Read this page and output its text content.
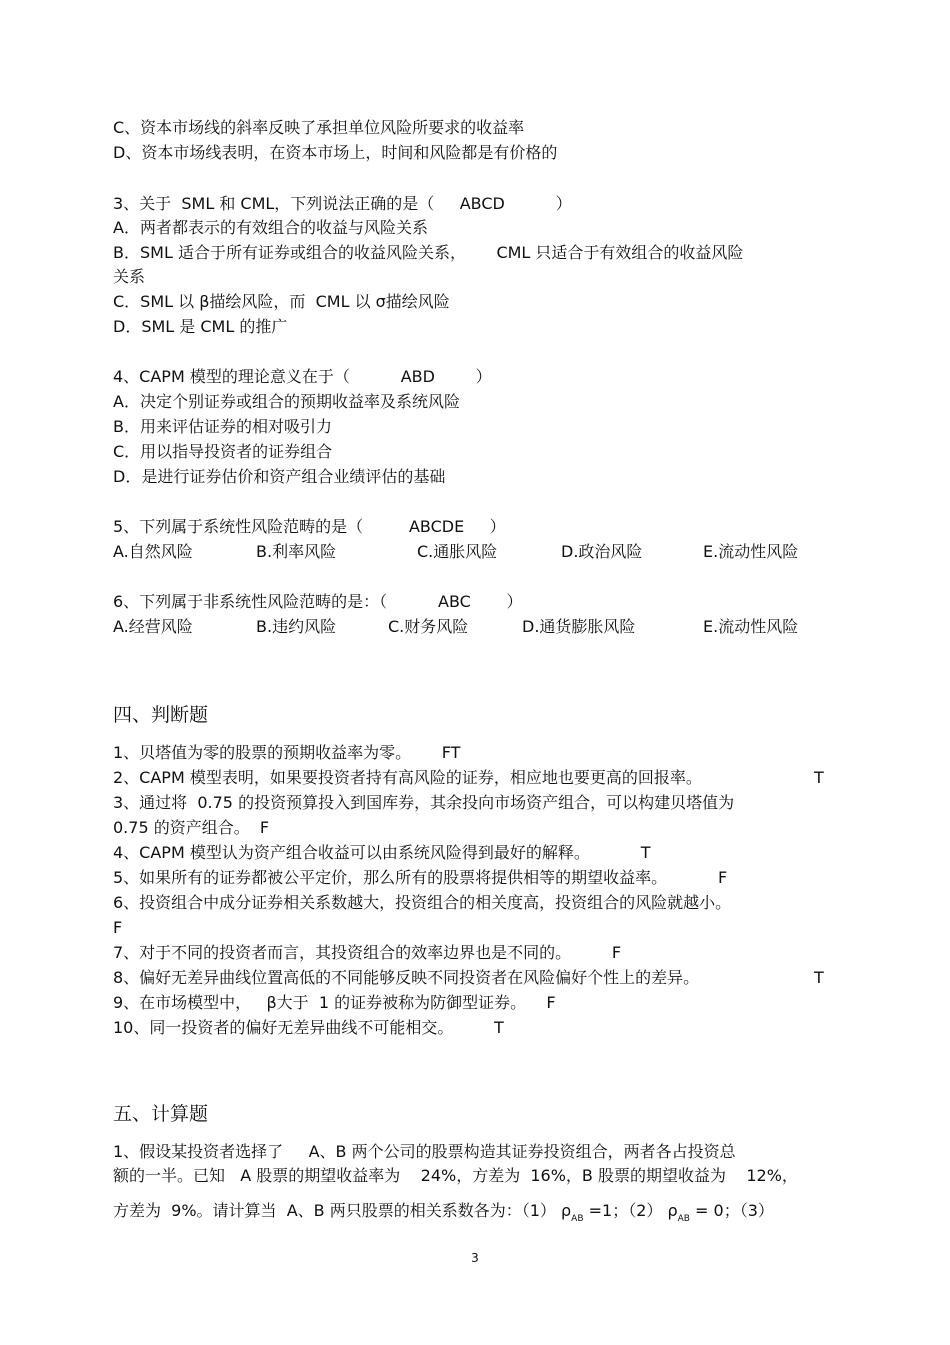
C、资本市场线的斜率反映了承担单位风险所要求的收益率
D、资本市场线表明，在资本市场上，时间和风险都是有价格的
3、关于  SML 和 CML，下列说法正确的是（     ABCD          ）
A．两者都表示的有效组合的收益与风险关系
B．SML 适合于所有证券或组合的收益风险关系，      CML 只适合于有效组合的收益风险
关系
C．SML 以 β描绘风险，而  CML 以 σ描绘风险
D．SML 是 CML 的推广
4、CAPM 模型的理论意义在于（          ABD        ）
A．决定个别证券或组合的预期收益率及系统风险
B．用来评估证券的相对吸引力
C．用以指导投资者的证券组合
D．是进行证券估价和资产组合业绩评估的基础
5、下列属于系统性风险范畴的是（         ABCDE     ）

A.自然风险

	B.利率风险

	C.通胀风险

	D.政治风险

	E.流动性风险

6、下列属于非系统性风险范畴的是：（          ABC       ）

A.经营风险

	B.违约风险

	C.财务风险

	D.通货膨胀风险

	E.流动性风险

四、判断题
1、贝塔值为零的股票的预期收益率为零。      FT
2、CAPM 模型表明，如果要投资者持有高风险的证券，相应地也要更高的回报率。	T
3、通过将  0.75 的投资预算投入到国库券，其余投向市场资产组合，可以构建贝塔值为
0.75 的资产组合。  F
4、CAPM 模型认为资产组合收益可以由系统风险得到最好的解释。          T
5、如果所有的证券都被公平定价，那么所有的股票将提供相等的期望收益率。          F
6、投资组合中成分证券相关系数越大，投资组合的相关度高，投资组合的风险就越小。
F
7、对于不同的投资者而言，其投资组合的效率边界也是不同的。        F
8、偏好无差异曲线位置高低的不同能够反映不同投资者在风险偏好个性上的差异。	T
9、在市场模型中，   β大于  1 的证券被称为防御型证券。    F
10、同一投资者的偏好无差异曲线不可能相交。        T
五、计算题
1、假设某投资者选择了     A、B 两个公司的股票构造其证券投资组合，两者各占投资总
额的一半。已知   A 股票的期望收益率为    24%，方差为  16%，B 股票的期望收益为    12%，
方差为  9%。请计算当  A、B 两只股票的相关系数各为：（1） $\rho_{AB} =1$；（2） $\rho_{AB} = 0$；（3）
3
